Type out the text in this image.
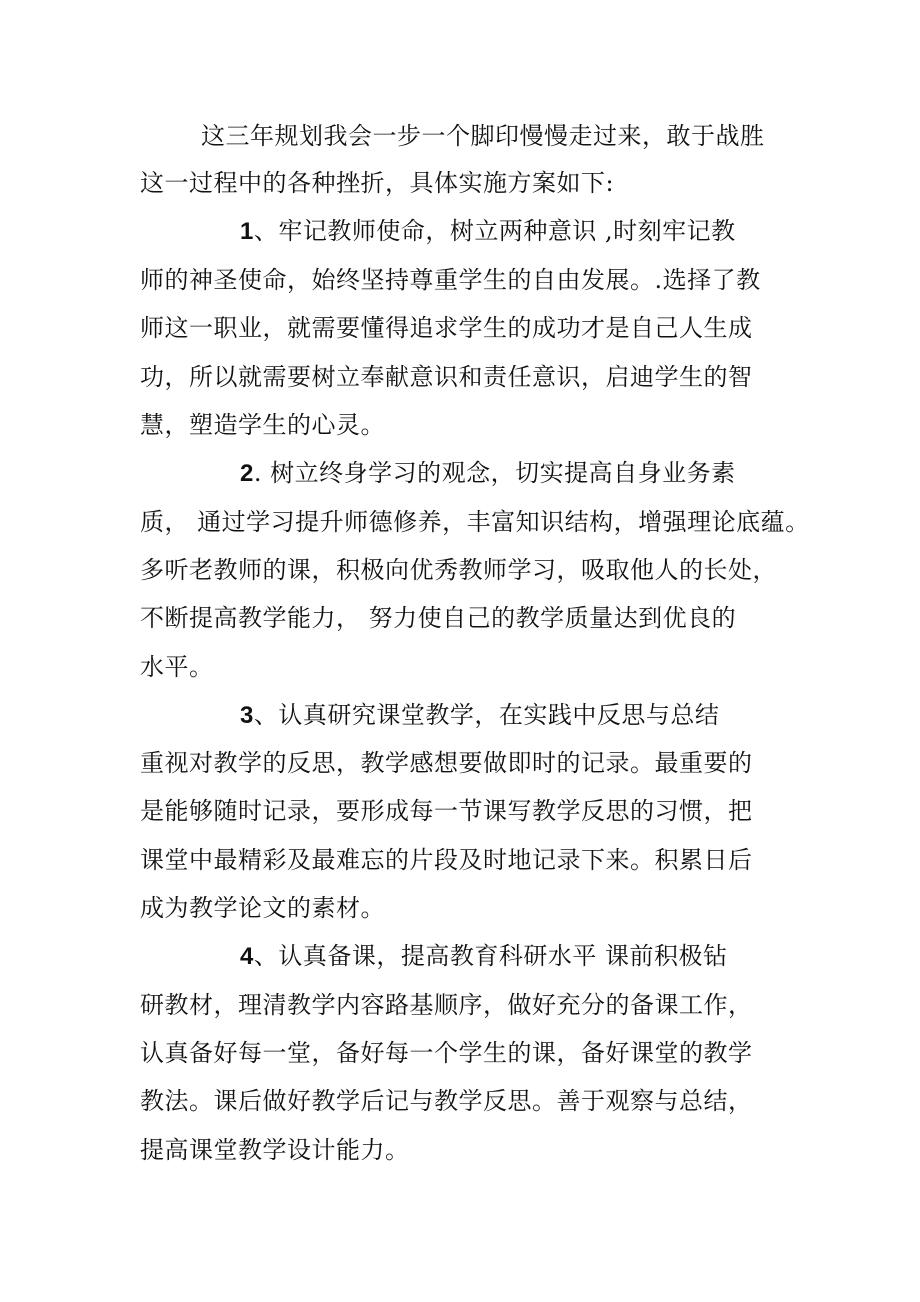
这三年规划我会一步一个脚印慢慢走过来，敢于战胜
这一过程中的各种挫折，具体实施方案如下:
1、牢记教师使命，树立两种意识 ,时刻牢记教
师的神圣使命，始终坚持尊重学生的自由发展。.选择了教
师这一职业，就需要懂得追求学生的成功才是自己人生成
功，所以就需要树立奉献意识和责任意识，启迪学生的智
慧，塑造学生的心灵。
2. 树立终身学习的观念，切实提高自身业务素
质， 通过学习提升师德修养，丰富知识结构，增强理论底蕴。
多听老教师的课，积极向优秀教师学习，吸取他人的长处，
不断提高教学能力， 努力使自己的教学质量达到优良的
水平。
3、认真研究课堂教学，在实践中反思与总结
重视对教学的反思，教学感想要做即时的记录。最重要的
是能够随时记录，要形成每一节课写教学反思的习惯，把
课堂中最精彩及最难忘的片段及时地记录下来。积累日后
成为教学论文的素材。
4、认真备课，提高教育科研水平 课前积极钻
研教材，理清教学内容路基顺序，做好充分的备课工作，
认真备好每一堂，备好每一个学生的课，备好课堂的教学
教法。课后做好教学后记与教学反思。善于观察与总结，
提高课堂教学设计能力。
